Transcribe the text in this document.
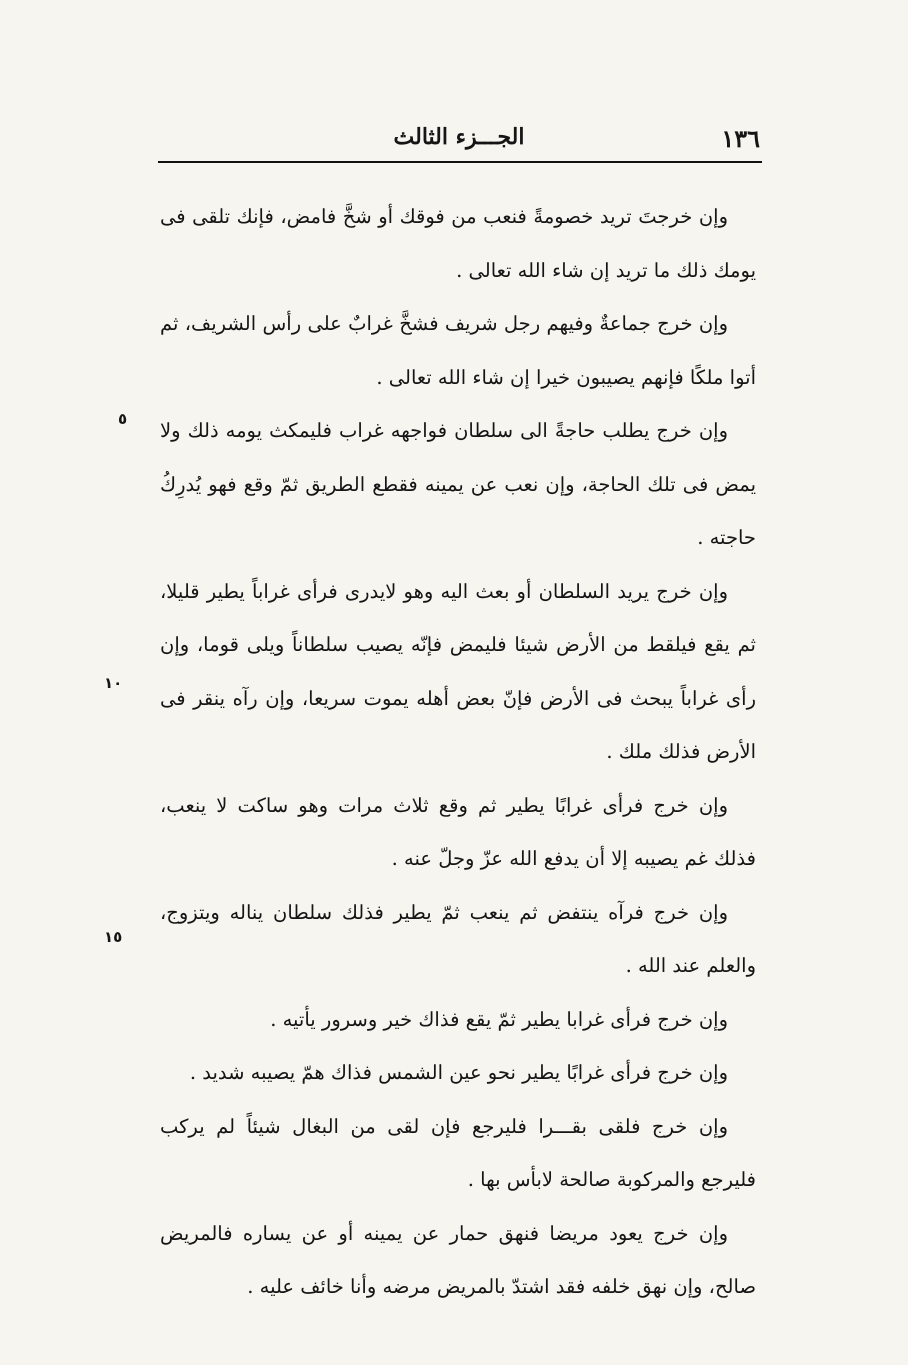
١٣٦
الجـــزء الثالث

وإن خرجتَ تريد خصومةً فنعب من فوقك أو شخَّ فامض، فإنك تلقى فى يومك ذلك ما تريد إن شاء الله تعالى .

وإن خرج جماعةٌ وفيهم رجل شريف فشخَّ غرابٌ على رأس الشريف، ثم أتوا ملكًا فإنهم يصيبون خيرا إن شاء الله تعالى .

وإن خرج يطلب حاجةً الى سلطان فواجهه غراب فليمكث يومه ذلك ولا يمض فى تلك الحاجة، وإن نعب عن يمينه فقطع الطريق ثمّ وقع فهو يُدرِكُ حاجته .

وإن خرج يريد السلطان أو بعث اليه وهو لايدرى فرأى غراباً يطير قليلا، ثم يقع فيلقط من الأرض شيئا فليمض فإنّه يصيب سلطاناً ويلى قوما، وإن رأى غراباً يبحث فى الأرض فإنّ بعض أهله يموت سريعا، وإن رآه ينقر فى الأرض فذلك ملك .

وإن خرج فرأى غرابًا يطير ثم وقع ثلاث مرات وهو ساكت لا ينعب، فذلك غم يصيبه إلا أن يدفع الله عزّ وجلّ عنه .

وإن خرج فرآه ينتفض ثم ينعب ثمّ يطير فذلك سلطان يناله ويتزوج، والعلم عند الله .

وإن خرج فرأى غرابا يطير ثمّ يقع فذاك خير وسرور يأتيه .

وإن خرج فرأى غرابًا يطير نحو عين الشمس فذاك همّ يصيبه شديد .

وإن خرج فلقى بقـــرا فليرجع فإن لقى من البغال شيئاً لم يركب فليرجع والمركوبة صالحة لابأس بها .

وإن خرج يعود مريضا فنهق حمار عن يمينه أو عن يساره فالمريض صالح، وإن نهق خلفه فقد اشتدّ بالمريض مرضه وأنا خائف عليه .

٥
١٠
١٥
